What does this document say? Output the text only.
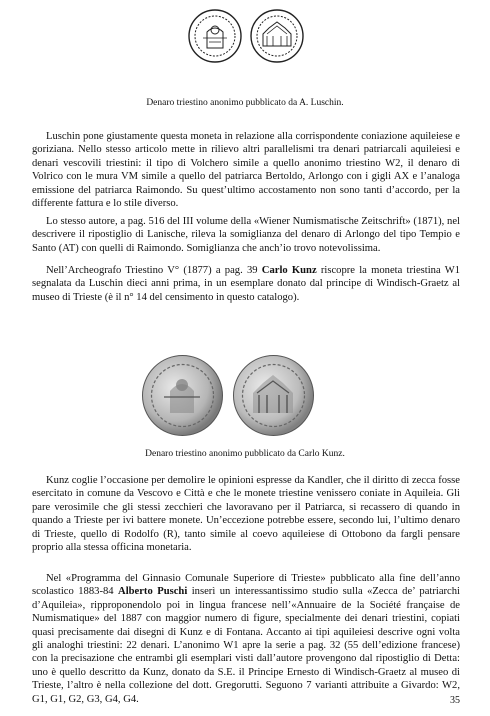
Denaro triestino anonimo pubblicato da A. Luschin.

Luschin pone giustamente questa moneta in relazione alla corrispondente coniazione aquileiese e goriziana. Nello stesso articolo mette in rilievo altri parallelismi tra denari patriarcali aquileiesi e denari vescovili triestini: il tipo di Volchero simile a quello anonimo triestino W2, il denaro di Volrico con le mura VM simile a quello del patriarca Bertoldo, Arlongo con i gigli AX e l’analoga emissione del patriarca Raimondo. Su quest’ultimo accostamento non sono tanti d’accordo, per la differente fattura e lo stile diverso.

Lo stesso autore, a pag. 516 del III volume della «Wiener Numismatische Zeitschrift» (1871), nel descrivere il ripostiglio di Lanische, rileva la somiglianza del denaro di Arlongo del tipo Tempio e Santo (AT) con quelli di Raimondo. Somiglianza che anch’io trovo notevolissima.

Nell’Archeografo Triestino V° (1877) a pag. 39 Carlo Kunz riscopre la moneta triestina W1 segnalata da Luschin dieci anni prima, in un esemplare donato dal principe di Windisch-Graetz al museo di Trieste (è il n° 14 del censimento in questo catalogo).

Denaro triestino anonimo pubblicato da Carlo Kunz.

Kunz coglie l’occasione per demolire le opinioni espresse da Kandler, che il diritto di zecca fosse esercitato in comune da Vescovo e Città e che le monete triestine venissero coniate in Aquileia. Gli pare verosimile che gli stessi zecchieri che lavoravano per il Patriarca, si recassero di quando in quando a Trieste per ivi battere monete. Un’eccezione potrebbe essere, secondo lui, l’ultimo denaro di Trieste, quello di Rodolfo (R), tanto simile al coevo aquileiese di Ottobono da fargli pensare proprio alla stessa officina monetaria.

Nel «Programma del Ginnasio Comunale Superiore di Trieste» pubblicato alla fine dell’anno scolastico 1883-84 Alberto Puschi inserì un interessantissimo studio sulla «Zecca de’ patriarchi d’Aquileia», ripproponendolo poi in lingua francese nell’«Annuaire de la Société française de Numismatique» del 1887 con maggior numero di figure, specialmente dei denari triestini, copiati quasi precisamente dai disegni di Kunz e di Fontana. Accanto ai tipi aquileiesi descrive ogni volta gli analoghi triestini: 22 denari. L’anonimo W1 apre la serie a pag. 32 (55 dell’edizione francese) con la precisazione che entrambi gli esemplari visti dall’autore provengono dal ripostiglio di Detta: uno è quello descritto da Kunz, donato da S.E. il Principe Ernesto di Windisch-Graetz al museo di Trieste, l’altro è nella collezione del dott. Gregorutti. Seguono 7 varianti attribuite a Givardo: W2, G1, G1, G2, G3, G4, G4.	35
